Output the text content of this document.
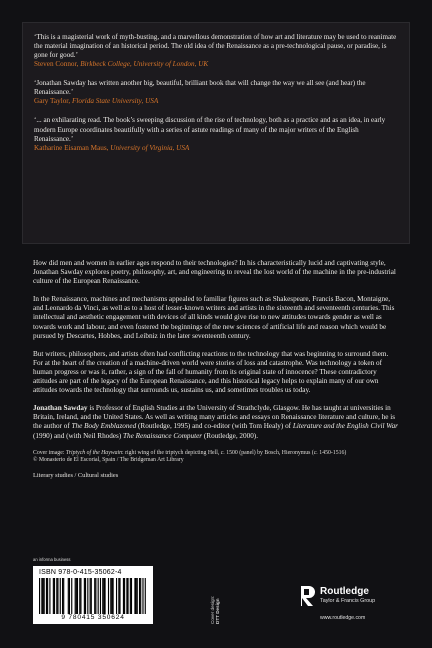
‘This is a magisterial work of myth-busting, and a marvellous demonstration of how art and literature may be used to reanimate the material imagination of an historical period. The old idea of the Renaissance as a pre-technological pause, or paradise, is gone for good.’
Steven Connor, Birkbeck College, University of London, UK
‘Jonathan Sawday has written another big, beautiful, brilliant book that will change the way we all see (and hear) the Renaissance.’
Gary Taylor, Florida State University, USA
‘... an exhilarating read. The book’s sweeping discussion of the rise of technology, both as a practice and as an idea, in early modern Europe coordinates beautifully with a series of astute readings of many of the major writers of the English Renaissance.’
Katharine Eisaman Maus, University of Virginia, USA

How did men and women in earlier ages respond to their technologies? In his characteristically lucid and captivating style, Jonathan Sawday explores poetry, philosophy, art, and engineering to reveal the lost world of the machine in the pre-industrial culture of the European Renaissance.

In the Renaissance, machines and mechanisms appealed to familiar figures such as Shakespeare, Francis Bacon, Montaigne, and Leonardo da Vinci, as well as to a host of lesser-known writers and artists in the sixteenth and seventeenth centuries. This intellectual and aesthetic engagement with devices of all kinds would give rise to new attitudes towards gender as well as towards work and labour, and even fostered the beginnings of the new sciences of artificial life and reason which would be pursued by Descartes, Hobbes, and Leibniz in the later seventeenth century.

But writers, philosophers, and artists often had conflicting reactions to the technology that was beginning to surround them. For at the heart of the creation of a machine-driven world were stories of loss and catastrophe. Was technology a token of human progress or was it, rather, a sign of the fall of humanity from its original state of innocence? These contradictory attitudes are part of the legacy of the European Renaissance, and this historical legacy helps to explain many of our own attitudes towards the technology that surrounds us, sustains us, and sometimes troubles us today.

Jonathan Sawday is Professor of English Studies at the University of Strathclyde, Glasgow. He has taught at universities in Britain, Ireland, and the United States. As well as writing many articles and essays on Renaissance literature and culture, he is the author of The Body Emblazoned (Routledge, 1995) and co-editor (with Tom Healy) of Literature and the English Civil War (1990) and (with Neil Rhodes) The Renaissance Computer (Routledge, 2000).

Cover image: Triptych of the Haywain: right wing of the triptych depicting Hell, c. 1500 (panel) by Bosch, Hieronymus (c. 1450-1516)
© Monasterio de El Escorial, Spain / The Bridgeman Art Library
Literary studies / Cultural studies
an informa business
ISBN 978-0-415-35062-4
9 780415 350624	Cover design:
DTT Design
Routledge
Taylor & Francis Group
www.routledge.com
